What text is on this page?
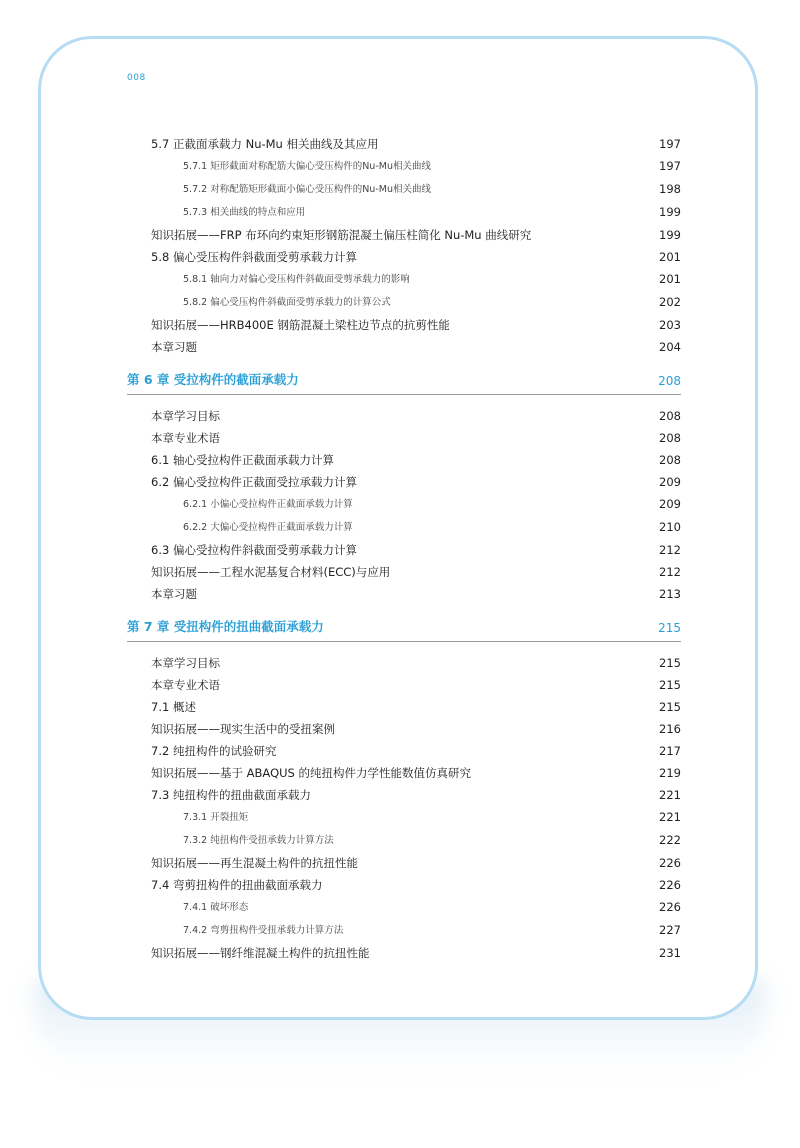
008
5.7 正截面承载力 Nu-Mu 相关曲线及其应用	197
5.7.1 矩形截面对称配筋大偏心受压构件的Nu-Mu相关曲线	197
5.7.2 对称配筋矩形截面小偏心受压构件的Nu-Mu相关曲线	198
5.7.3 相关曲线的特点和应用	199
知识拓展——FRP 布环向约束矩形钢筋混凝土偏压柱简化 Nu-Mu 曲线研究	199
5.8 偏心受压构件斜截面受剪承载力计算	201
5.8.1 轴向力对偏心受压构件斜截面受剪承载力的影响	201
5.8.2 偏心受压构件斜截面受剪承载力的计算公式	202
知识拓展——HRB400E 钢筋混凝土梁柱边节点的抗剪性能	203
本章习题	204
第 6 章 受拉构件的截面承载力	208
本章学习目标	208
本章专业术语	208
6.1 轴心受拉构件正截面承载力计算	208
6.2 偏心受拉构件正截面受拉承载力计算	209
6.2.1 小偏心受拉构件正截面承载力计算	209
6.2.2 大偏心受拉构件正截面承载力计算	210
6.3 偏心受拉构件斜截面受剪承载力计算	212
知识拓展——工程水泥基复合材料(ECC)与应用	212
本章习题	213
第 7 章 受扭构件的扭曲截面承载力	215
本章学习目标	215
本章专业术语	215
7.1 概述	215
知识拓展——现实生活中的受扭案例	216
7.2 纯扭构件的试验研究	217
知识拓展——基于 ABAQUS 的纯扭构件力学性能数值仿真研究	219
7.3 纯扭构件的扭曲截面承载力	221
7.3.1 开裂扭矩	221
7.3.2 纯扭构件受扭承载力计算方法	222
知识拓展——再生混凝土构件的抗扭性能	226
7.4 弯剪扭构件的扭曲截面承载力	226
7.4.1 破坏形态	226
7.4.2 弯剪扭构件受扭承载力计算方法	227
知识拓展——钢纤维混凝土构件的抗扭性能	231
